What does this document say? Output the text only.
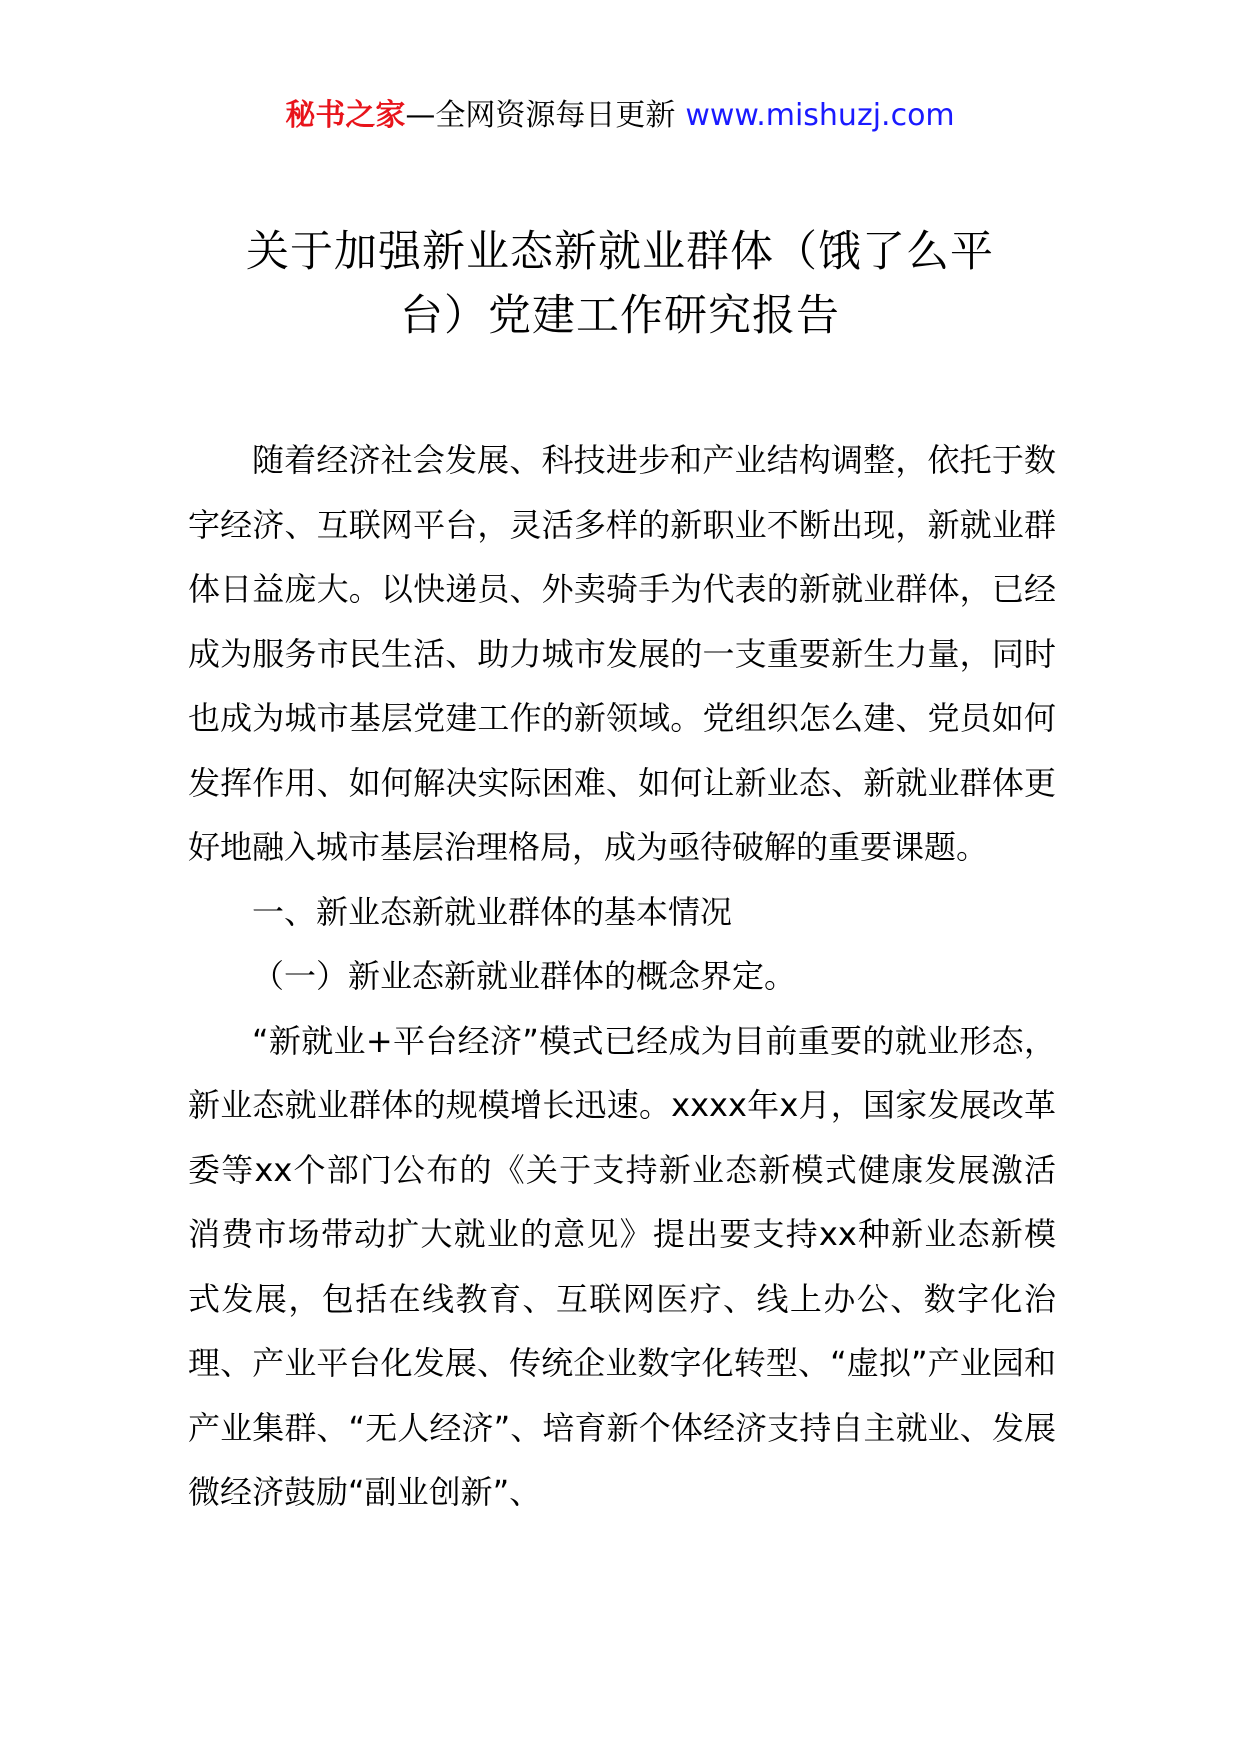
秘书之家—全网资源每日更新 www.mishuzj.com
关于加强新业态新就业群体（饿了么平
台）党建工作研究报告

随着经济社会发展、科技进步和产业结构调整，依托于数字经济、互联网平台，灵活多样的新职业不断出现，新就业群体日益庞大。以快递员、外卖骑手为代表的新就业群体，已经成为服务市民生活、助力城市发展的一支重要新生力量，同时也成为城市基层党建工作的新领域。党组织怎么建、党员如何发挥作用、如何解决实际困难、如何让新业态、新就业群体更好地融入城市基层治理格局，成为亟待破解的重要课题。

一、新业态新就业群体的基本情况

（一）新业态新就业群体的概念界定。

“新就业+平台经济”模式已经成为目前重要的就业形态，新业态就业群体的规模增长迅速。xxxx年x月，国家发展改革委等xx个部门公布的《关于支持新业态新模式健康发展激活消费市场带动扩大就业的意见》提出要支持xx种新业态新模式发展，包括在线教育、互联网医疗、线上办公、数字化治理、产业平台化发展、传统企业数字化转型、“虚拟”产业园和产业集群、“无人经济”、培育新个体经济支持自主就业、发展微经济鼓励“副业创新”、
